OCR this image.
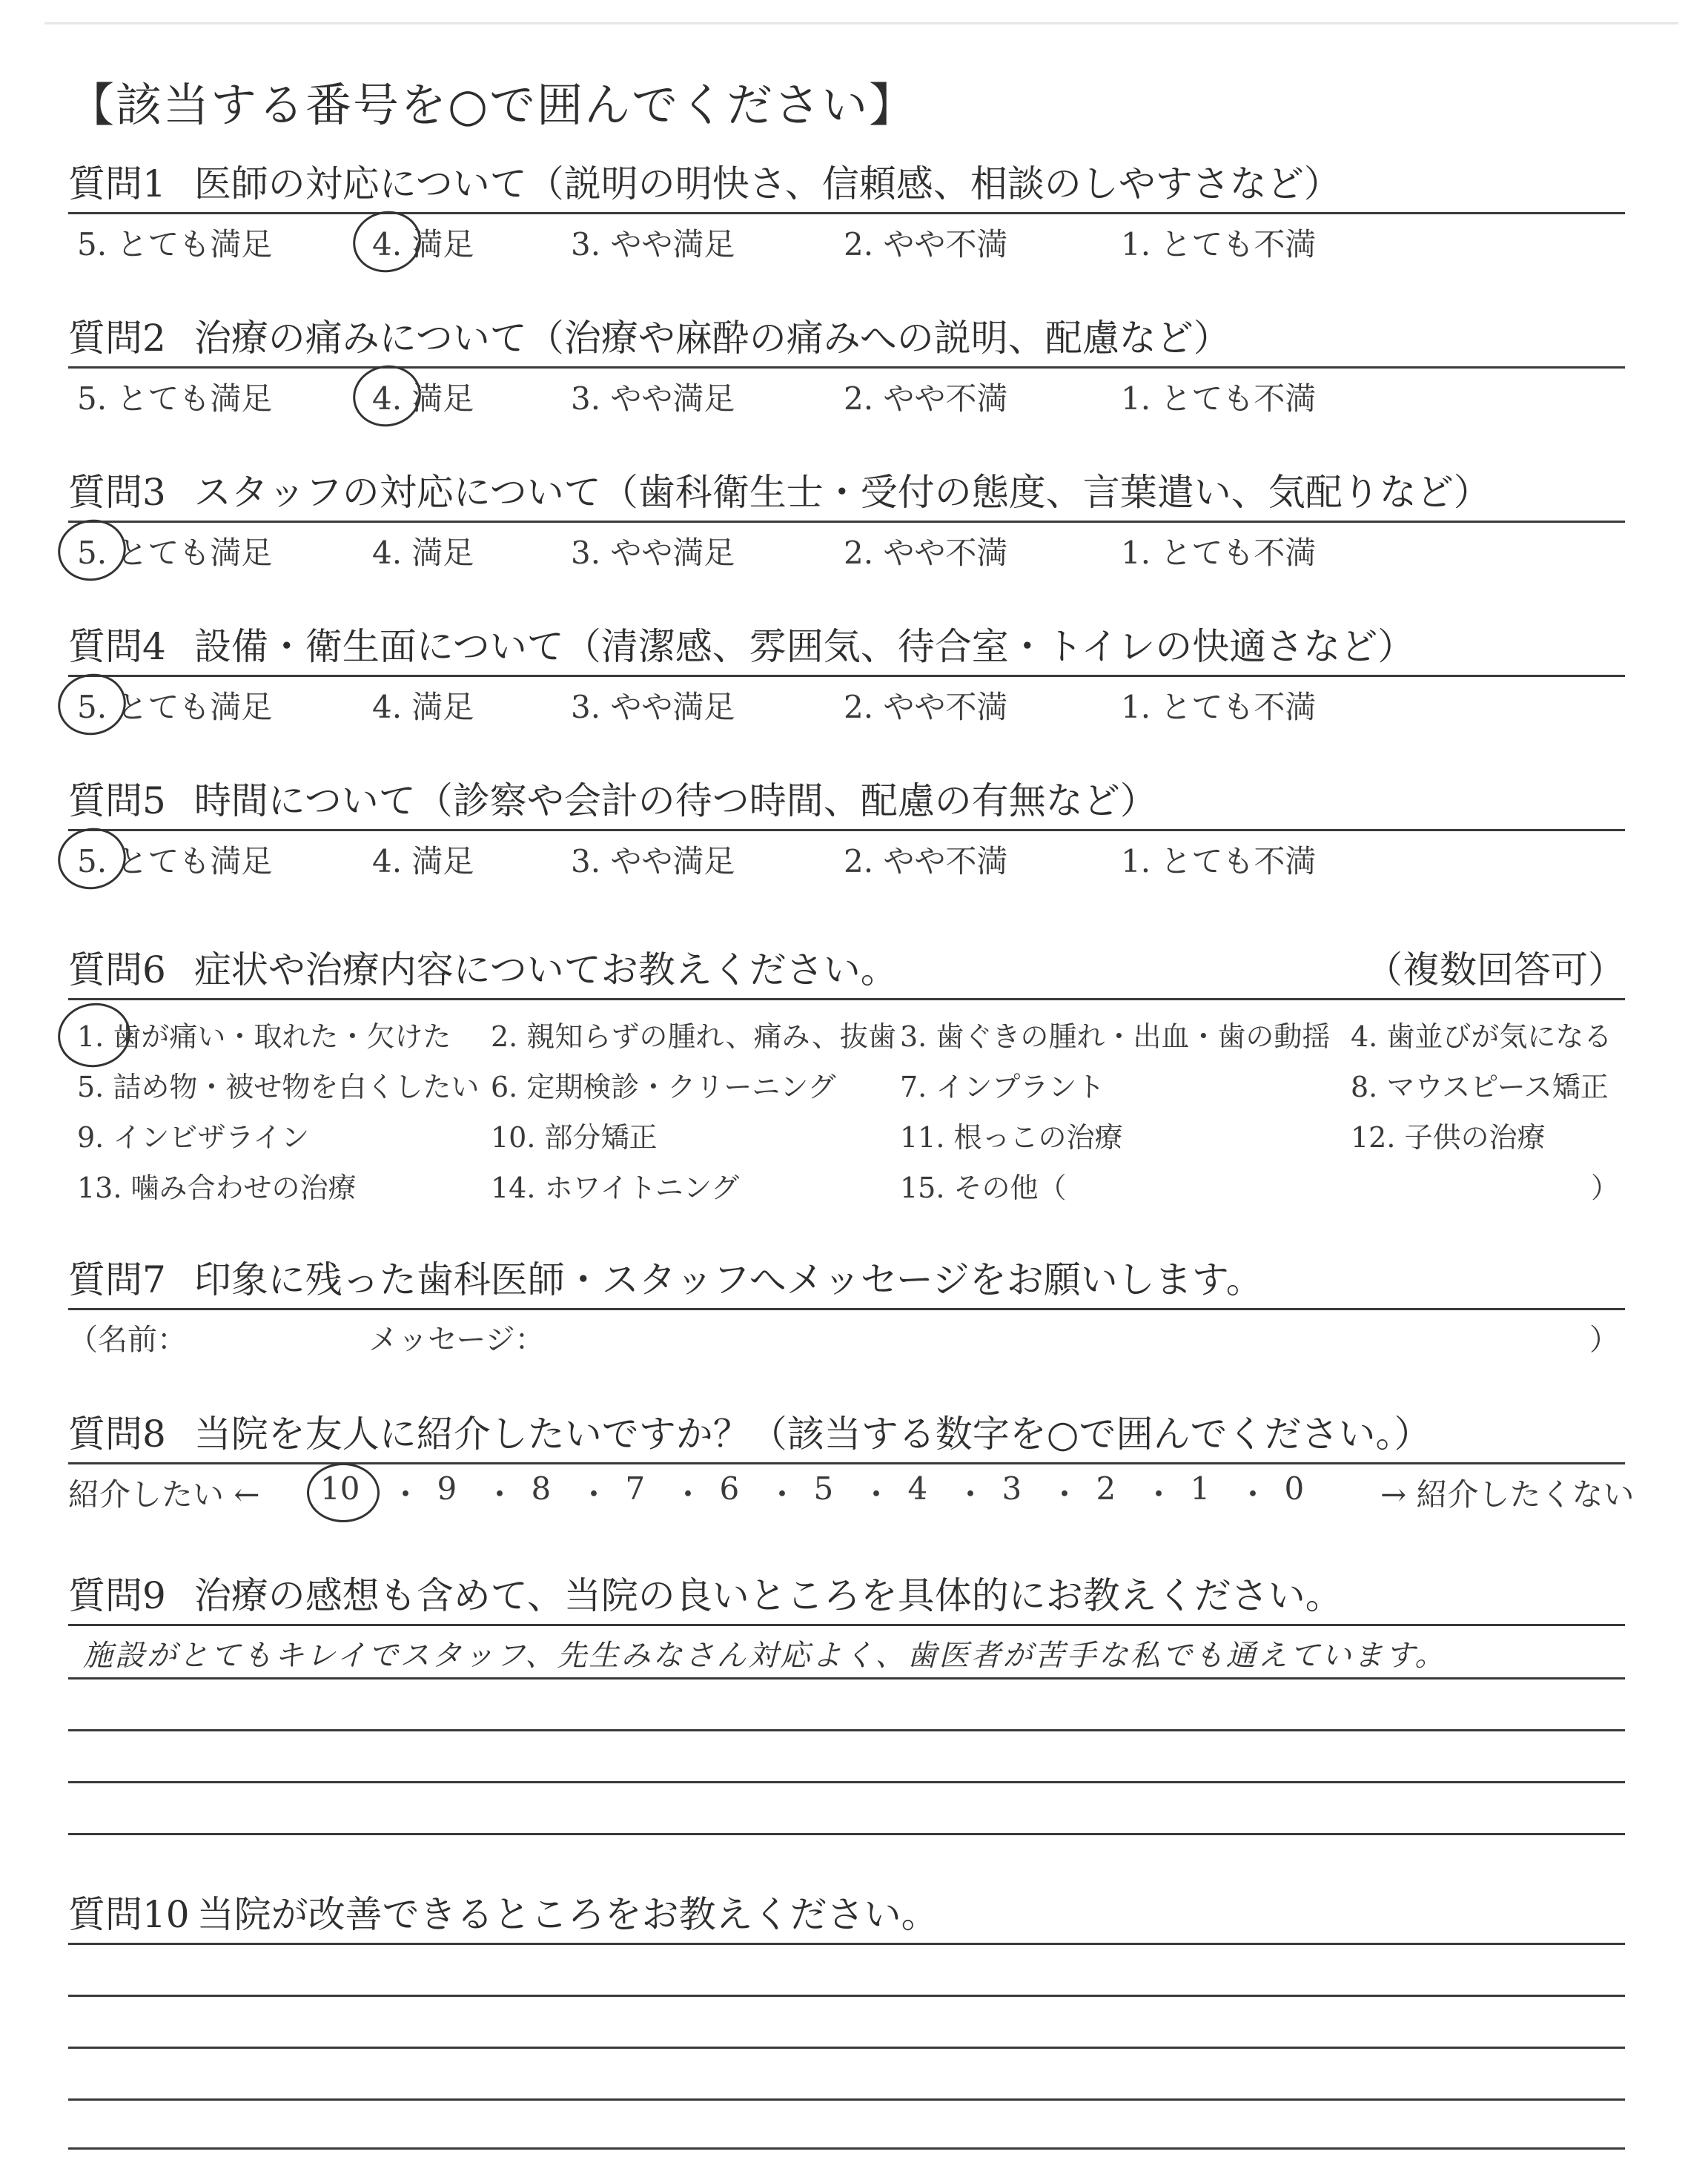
【該当する番号を○で囲んでください】
質問1 医師の対応について（説明の明快さ、信頼感、相談のしやすさなど）
5. とても満足	4. 満足	3. やや満足	2. やや不満	1. とても不満
質問2 治療の痛みについて（治療や麻酔の痛みへの説明、配慮など）
5. とても満足	4. 満足	3. やや満足	2. やや不満	1. とても不満
質問3 スタッフの対応について（歯科衛生士・受付の態度、言葉遣い、気配りなど）
5. とても満足	4. 満足	3. やや満足	2. やや不満	1. とても不満
質問4 設備・衛生面について（清潔感、雰囲気、待合室・トイレの快適さなど）
5. とても満足	4. 満足	3. やや満足	2. やや不満	1. とても不満
質問5 時間について（診察や会計の待つ時間、配慮の有無など）
5. とても満足	4. 満足	3. やや満足	2. やや不満	1. とても不満
質問6 症状や治療内容についてお教えください。	（複数回答可）
1. 歯が痛い・取れた・欠けた 2. 親知らずの腫れ、痛み、抜歯 3. 歯ぐきの腫れ・出血・歯の動揺 4. 歯並びが気になる
5. 詰め物・被せ物を白くしたい 6. 定期検診・クリーニング 7. インプラント	8. マウスピース矯正
9. インビザライン	10. 部分矯正	11. 根っこの治療	12. 子供の治療
13. 噛み合わせの治療	14. ホワイトニング	15. その他（	）
質問7 印象に残った歯科医師・スタッフへメッセージをお願いします。
（名前：	メッセージ：	）
質問8 当院を友人に紹介したいですか？（該当する数字を○で囲んでください。）
紹介したい ←	→ 紹介したくない
10 ・ 9 ・ 8 ・ 7 ・ 6 ・ 5 ・ 4 ・ 3 ・ 2 ・ 1 ・ 0
質問9 治療の感想も含めて、当院の良いところを具体的にお教えください。
施設がとてもキレイでスタッフ、先生みなさん対応よく、歯医者が苦手な私でも通えています。
質問10 当院が改善できるところをお教えください。
